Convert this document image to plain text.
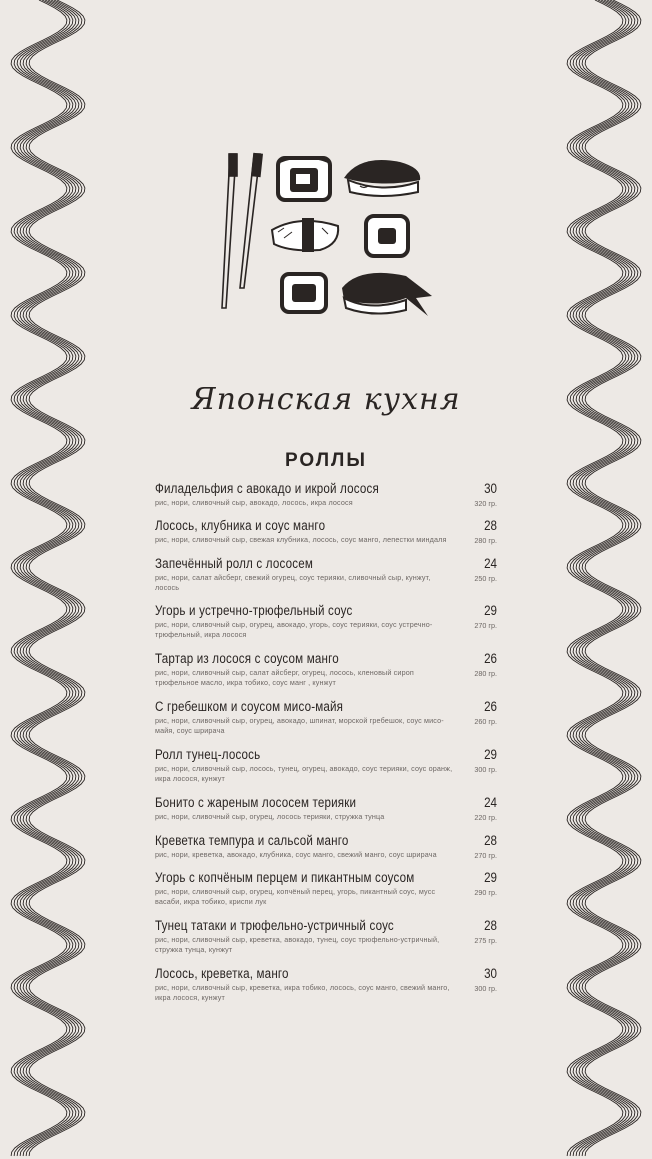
Японская кухня
РОЛЛЫ
Филадельфия с авокадо и икрой лосося
рис, нори, сливочный сыр, авокадо, лосось, икра лосося
30
320 гр.
Лосось, клубника и соус манго
рис, нори, сливочный сыр, свежая клубника, лосось, соус манго, лепестки миндаля
28
280 гр.
Запечённый ролл с лососем
рис, нори, салат айсберг, свежий огурец, соус терияки, сливочный сыр, кунжут, лосось
24
250 гр.
Угорь и устречно-трюфельный соус
рис, нори, сливочный сыр, огурец, авокадо, угорь, соус терияки, соус устречно-трюфельный, икра лосося
29
270 гр.
Тартар из лосося с соусом манго
рис, нори, сливочный сыр, салат айсберг, огурец, лосось, кленовый сироп трюфельное масло, икра тобико, соус манг , кунжут
26
280 гр.
С гребешком и соусом мисо-майя
рис, нори, сливочный сыр, огурец, авокадо, шпинат, морской гребешок, соус мисо-майя, соус шрирача
26
260 гр.
Ролл тунец-лосось
рис, нори, сливочный сыр, лосось, тунец, огурец, авокадо, соус терияки, соус оранж, икра лосося, кунжут
29
300 гр.
Бонито с жареным лососем терияки
рис, нори, сливочный сыр, огурец, лосось терияки, стружка тунца
24
220 гр.
Креветка темпура и сальсой манго
рис, нори, креветка, авокадо, клубника, соус манго, свежий манго, соус шрирача
28
270 гр.
Угорь с копчёным перцем и пикантным соусом
рис, нори, сливочный сыр, огурец, копчёный перец, угорь, пикантный соус, мусс васаби, икра тобико, криспи лук
29
290 гр.
Тунец татаки и трюфельно-устричный соус
рис, нори, сливочный сыр, креветка, авокадо, тунец, соус трюфельно-устричный, стружка тунца, кунжут
28
275 гр.
Лосось, креветка, манго
рис, нори, сливочный сыр, креветка, икра тобико, лосось, соус манго, свежий манго, икра лосося, кунжут
30
300 гр.
